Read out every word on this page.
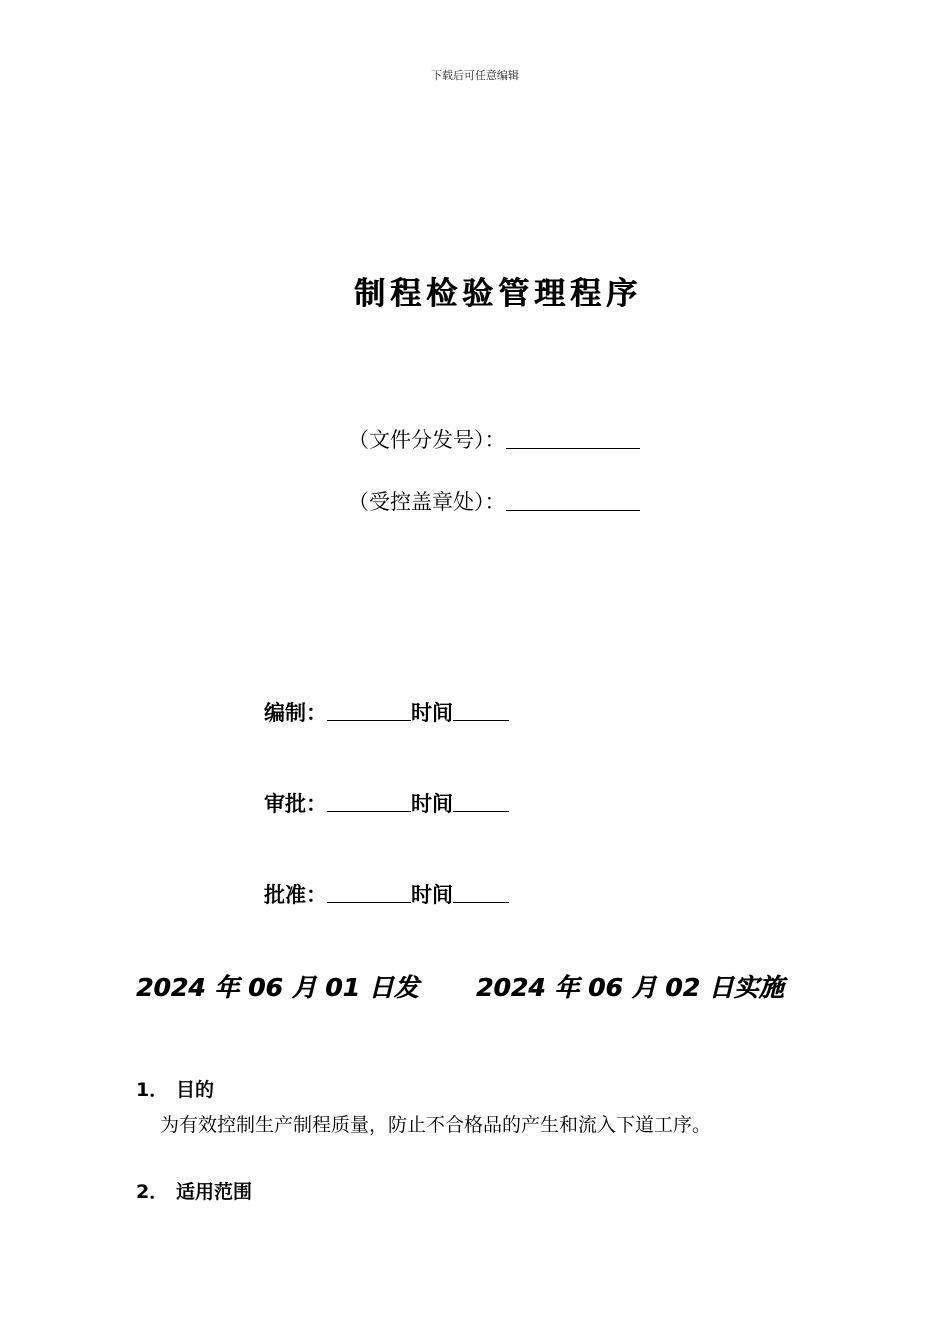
下载后可任意编辑
制程检验管理程序
（文件分发号）：
（受控盖章处）：
编制：	时间
审批：	时间
批准：	时间
2024 年 06 月 01 日发 2024 年 06 月 02 日实施
1． 目的
为有效控制生产制程质量，防止不合格品的产生和流入下道工序。
2． 适用范围
